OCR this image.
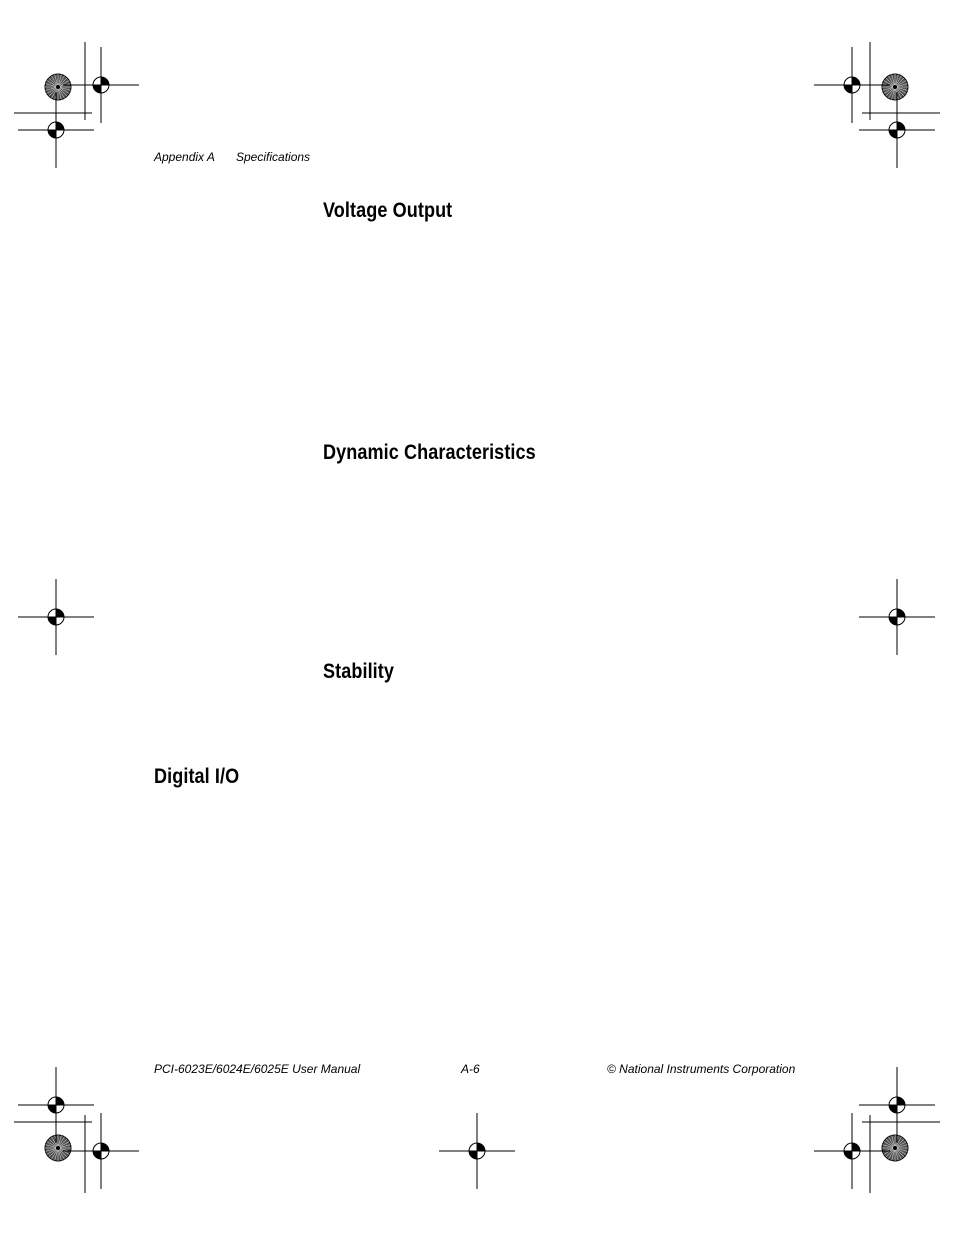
Appendix A Specifications
Voltage Output
Dynamic Characteristics
Stability
Digital I/O
PCI-6023E/6024E/6025E User Manual	A-6	© National Instruments Corporation
